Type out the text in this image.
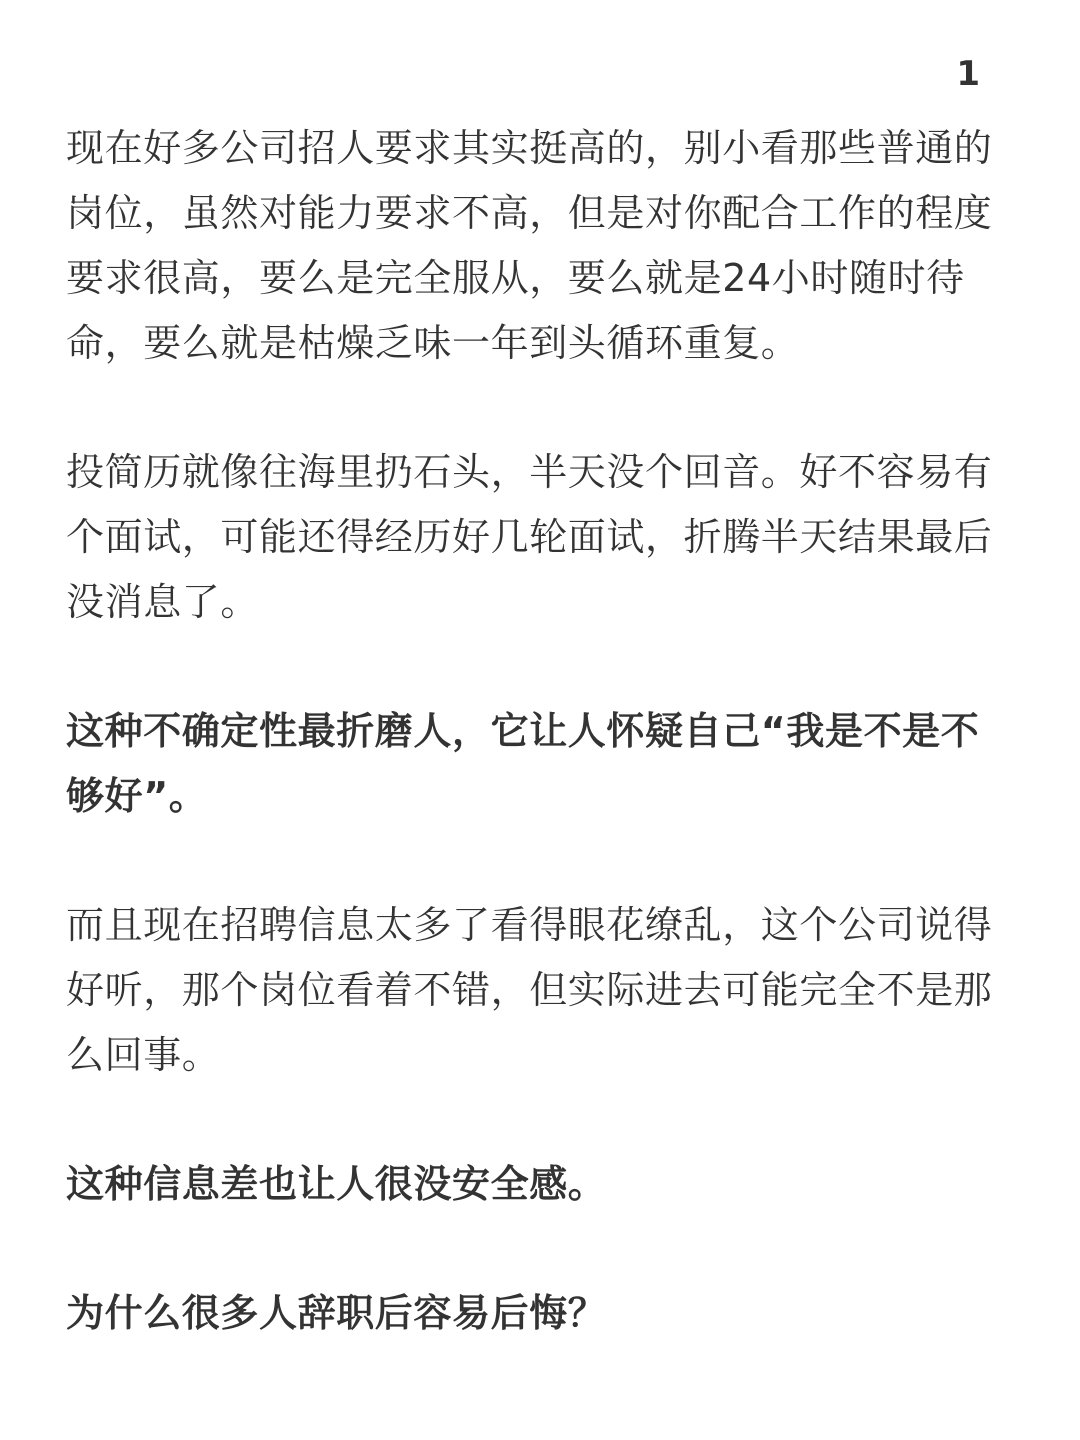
1

现在好多公司招人要求其实挺高的，别小看那些普通的岗位，虽然对能力要求不高，但是对你配合工作的程度要求很高，要么是完全服从，要么就是24小时随时待命，要么就是枯燥乏味一年到头循环重复。

投简历就像往海里扔石头，半天没个回音。好不容易有个面试，可能还得经历好几轮面试，折腾半天结果最后没消息了。

这种不确定性最折磨人，它让人怀疑自己“我是不是不够好”。

而且现在招聘信息太多了看得眼花缭乱，这个公司说得好听，那个岗位看着不错，但实际进去可能完全不是那么回事。

这种信息差也让人很没安全感。

为什么很多人辞职后容易后悔？
